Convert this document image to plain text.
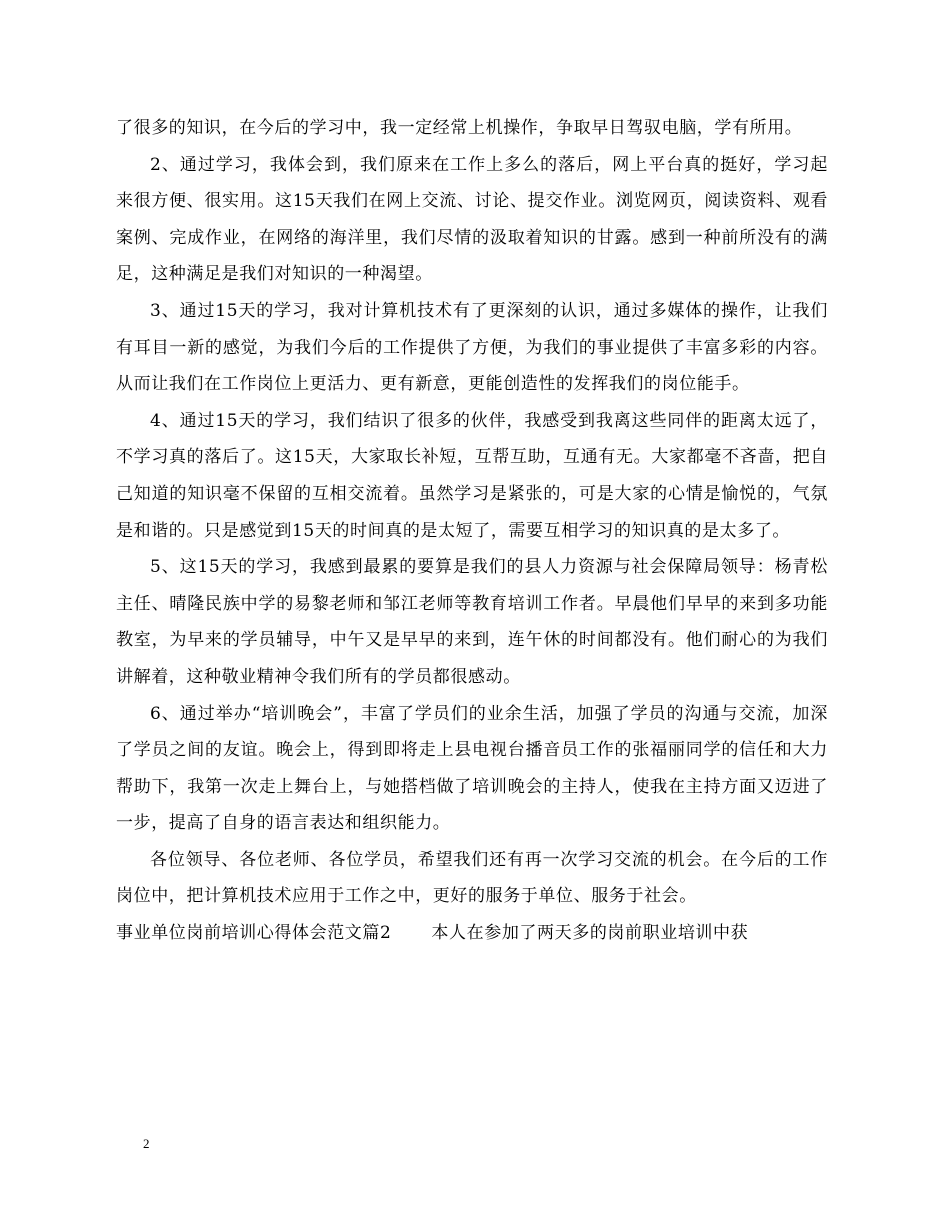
了很多的知识，在今后的学习中，我一定经常上机操作，争取早日驾驭电脑，学有所用。

2、通过学习，我体会到，我们原来在工作上多么的落后，网上平台真的挺好，学习起来很方便、很实用。这15天我们在网上交流、讨论、提交作业。浏览网页，阅读资料、观看案例、完成作业，在网络的海洋里，我们尽情的汲取着知识的甘露。感到一种前所没有的满足，这种满足是我们对知识的一种渴望。

3、通过15天的学习，我对计算机技术有了更深刻的认识，通过多媒体的操作，让我们有耳目一新的感觉，为我们今后的工作提供了方便，为我们的事业提供了丰富多彩的内容。从而让我们在工作岗位上更活力、更有新意，更能创造性的发挥我们的岗位能手。

4、通过15天的学习，我们结识了很多的伙伴，我感受到我离这些同伴的距离太远了，不学习真的落后了。这15天，大家取长补短，互帮互助，互通有无。大家都毫不吝啬，把自己知道的知识毫不保留的互相交流着。虽然学习是紧张的，可是大家的心情是愉悦的，气氛是和谐的。只是感觉到15天的时间真的是太短了，需要互相学习的知识真的是太多了。

5、这15天的学习，我感到最累的要算是我们的县人力资源与社会保障局领导：杨青松主任、晴隆民族中学的易黎老师和邹江老师等教育培训工作者。早晨他们早早的来到多功能教室，为早来的学员辅导，中午又是早早的来到，连午休的时间都没有。他们耐心的为我们讲解着，这种敬业精神令我们所有的学员都很感动。

6、通过举办“培训晚会”，丰富了学员们的业余生活，加强了学员的沟通与交流，加深了学员之间的友谊。晚会上，得到即将走上县电视台播音员工作的张福丽同学的信任和大力帮助下，我第一次走上舞台上，与她搭档做了培训晚会的主持人，使我在主持方面又迈进了一步，提高了自身的语言表达和组织能力。

各位领导、各位老师、各位学员，希望我们还有再一次学习交流的机会。在今后的工作岗位中，把计算机技术应用于工作之中，更好的服务于单位、服务于社会。

事业单位岗前培训心得体会范文篇2 本人在参加了两天多的岗前职业培训中获

2
